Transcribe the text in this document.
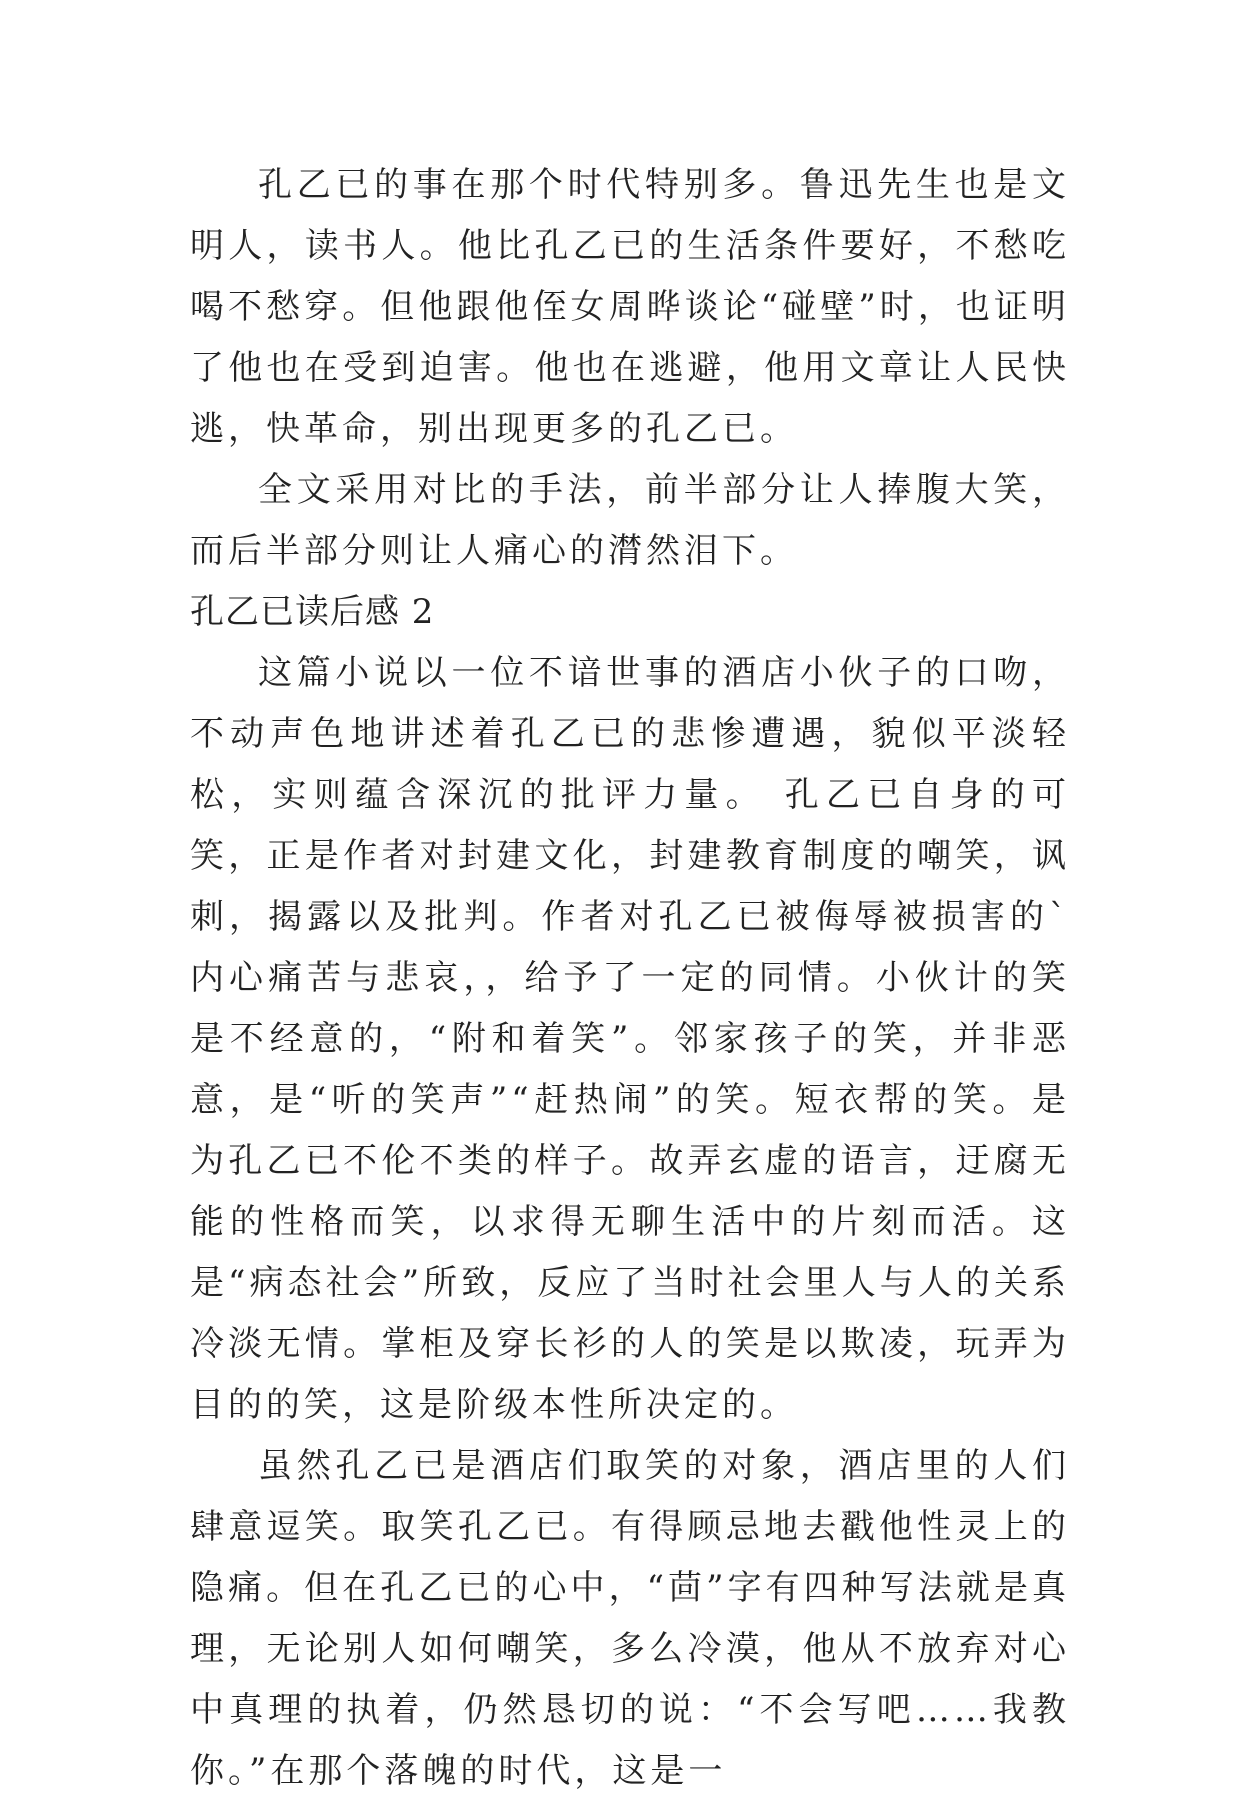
孔乙已的事在那个时代特别多。鲁迅先生也是文明人，读书人。他比孔乙已的生活条件要好，不愁吃喝不愁穿。但他跟他侄女周晔谈论“碰壁”时，也证明了他也在受到迫害。他也在逃避，他用文章让人民快逃，快革命，别出现更多的孔乙已。

全文采用对比的手法，前半部分让人捧腹大笑，而后半部分则让人痛心的潸然泪下。

孔乙已读后感 2

这篇小说以一位不谙世事的酒店小伙子的口吻，不动声色地讲述着孔乙已的悲惨遭遇，貌似平淡轻松，实则蕴含深沉的批评力量。 孔乙已自身的可笑，正是作者对封建文化，封建教育制度的嘲笑，讽刺，揭露以及批判。作者对孔乙已被侮辱被损害的`内心痛苦与悲哀，，给予了一定的同情。小伙计的笑是不经意的，“附和着笑”。邻家孩子的笑，并非恶意，是“听的笑声”“赶热闹”的笑。短衣帮的笑。是为孔乙已不伦不类的样子。故弄玄虚的语言，迂腐无能的性格而笑，以求得无聊生活中的片刻而活。这是“病态社会”所致，反应了当时社会里人与人的关系冷淡无情。掌柜及穿长衫的人的笑是以欺凌，玩弄为目的的笑，这是阶级本性所决定的。

虽然孔乙已是酒店们取笑的对象，酒店里的人们肆意逗笑。取笑孔乙已。有得顾忌地去戳他性灵上的隐痛。但在孔乙已的心中，“茴”字有四种写法就是真理，无论别人如何嘲笑，多么冷漠，他从不放弃对心中真理的执着，仍然恳切的说：“不会写吧……我教你。”在那个落魄的时代，这是一
